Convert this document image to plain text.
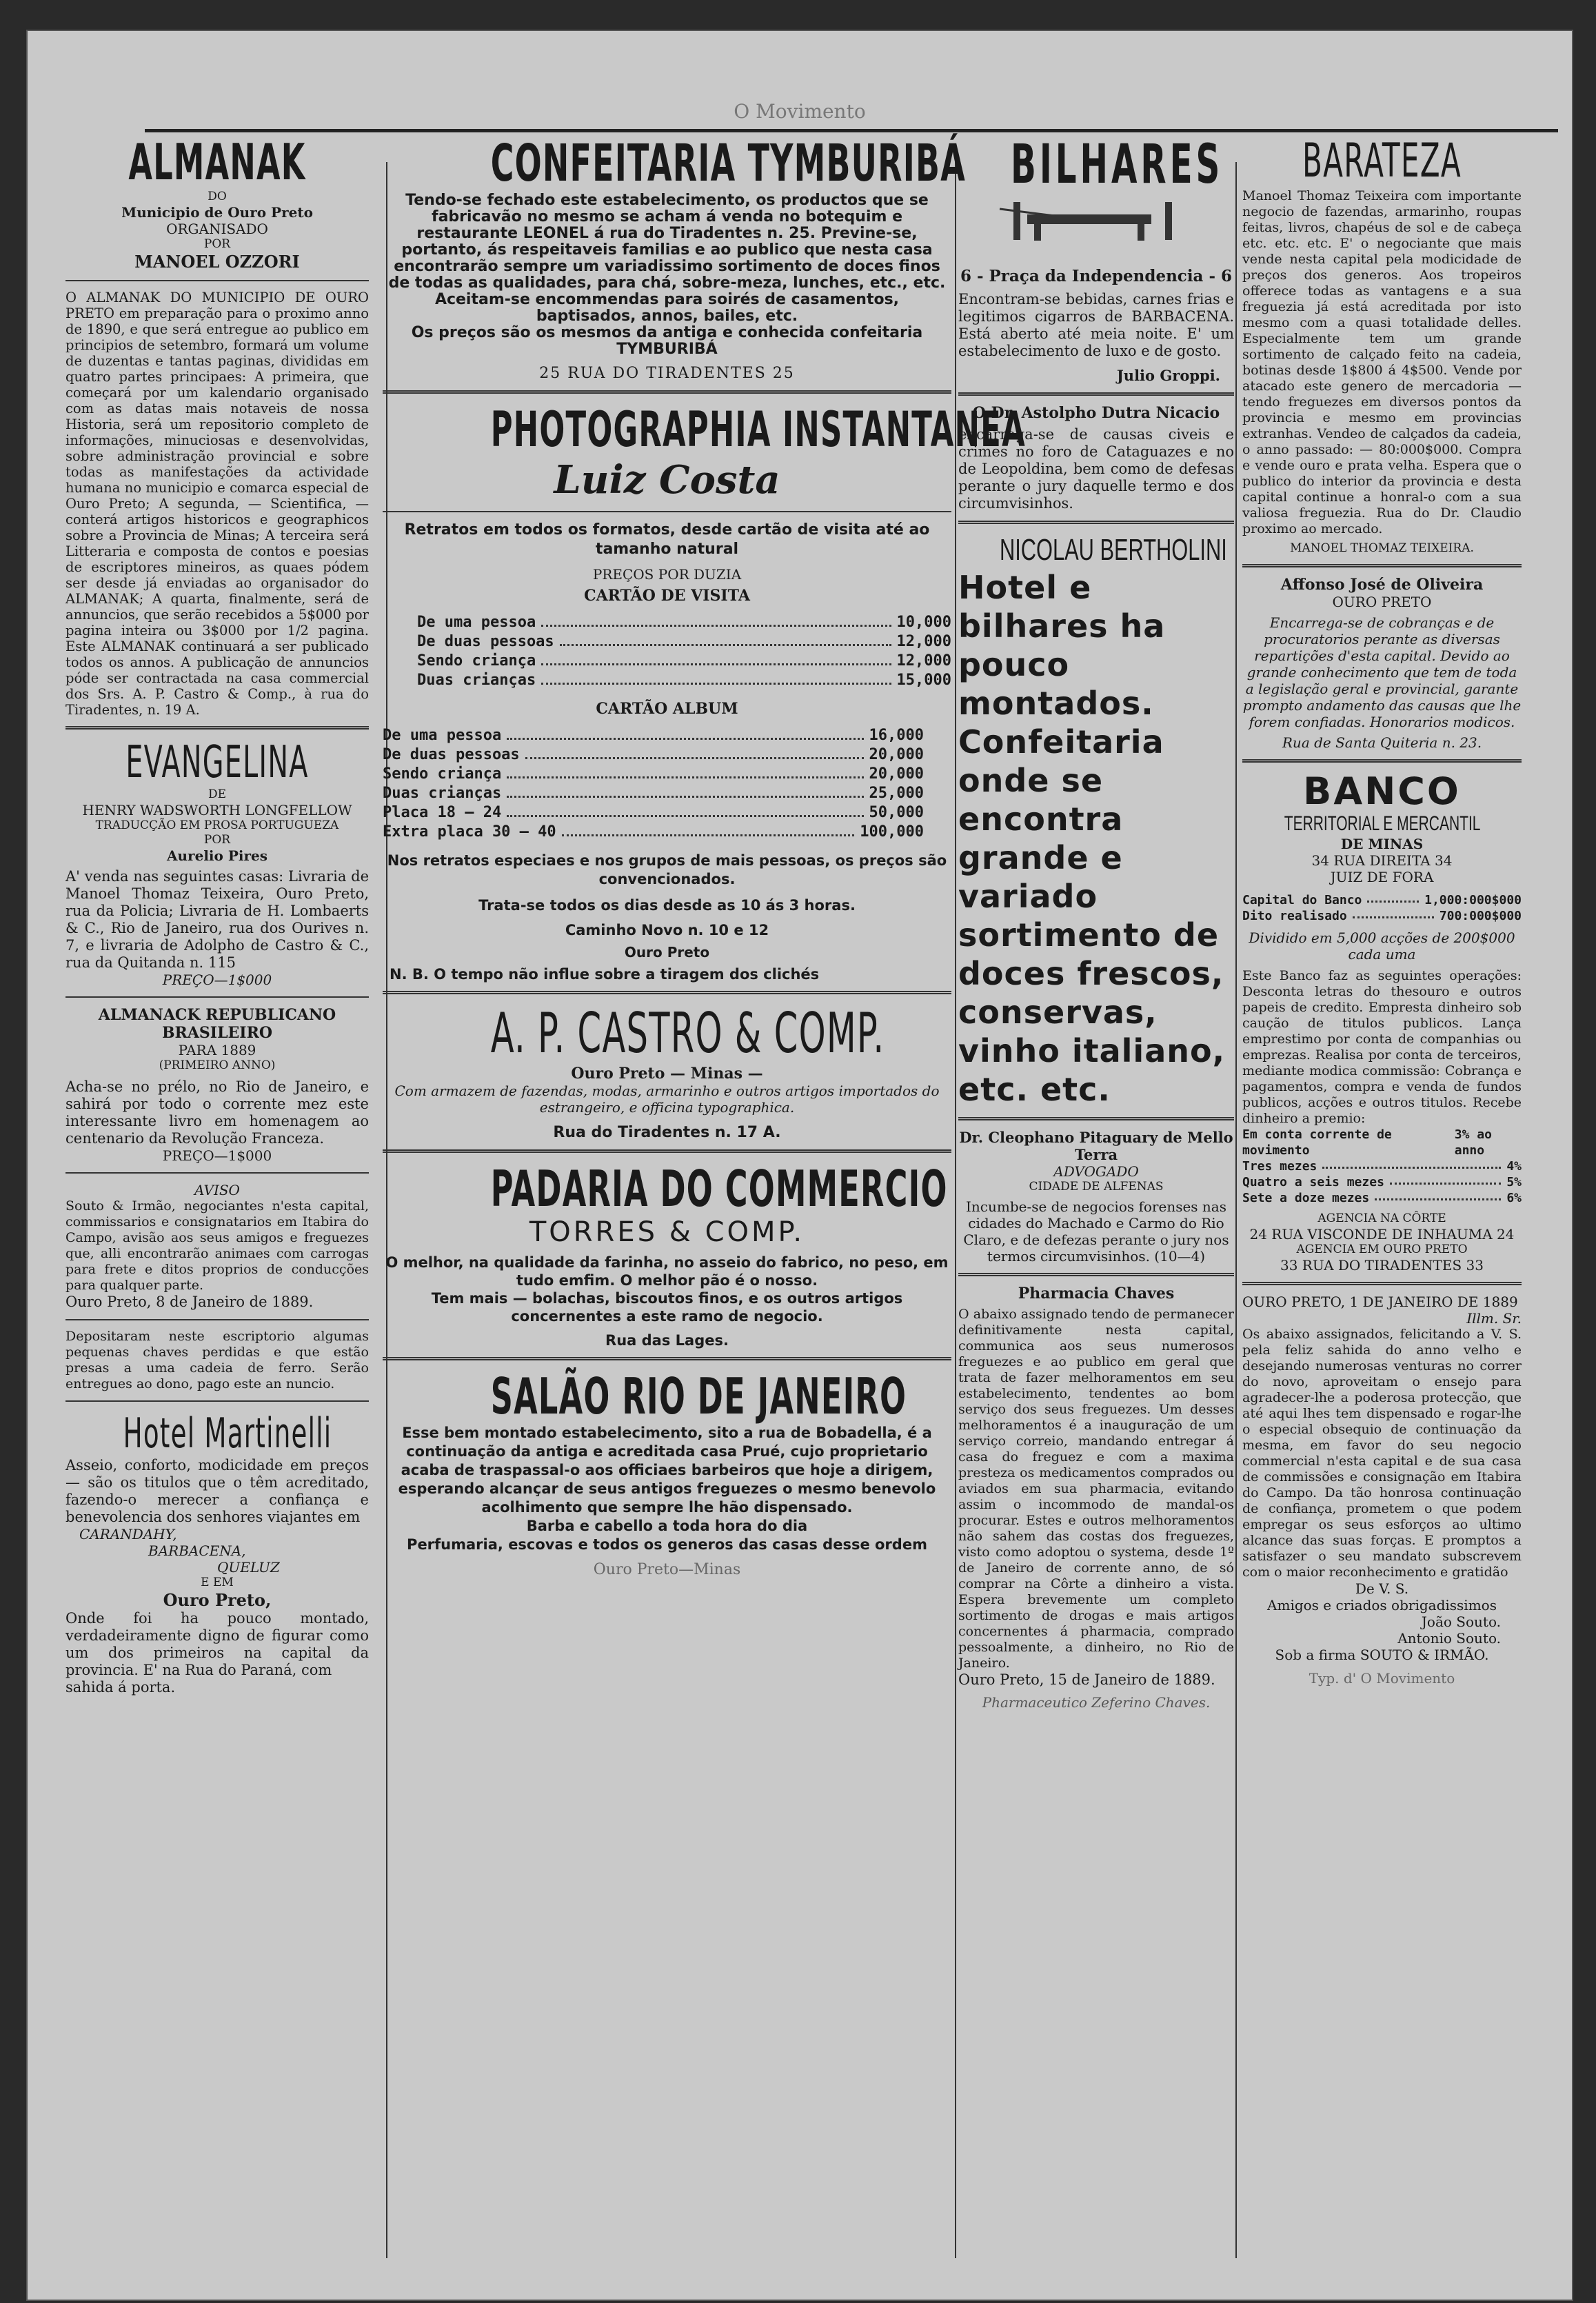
O Movimento
ALMANAK
DO
Municipio de Ouro Preto
ORGANISADO
POR
MANOEL OZZORI
O ALMANAK DO MUNICIPIO DE OURO PRETO em preparação para o proximo anno de 1890, e que será entregue ao publico em principios de setembro, formará um volume de duzentas e tantas paginas, divididas em quatro partes principaes: A primeira, que começará por um kalendario organisado com as datas mais notaveis de nossa Historia, será um repositorio completo de informações, minuciosas e desenvolvidas, sobre administração provincial e sobre todas as manifestações da actividade humana no municipio e comarca especial de Ouro Preto; A segunda, — Scientifica, — conterá artigos historicos e geographicos sobre a Provincia de Minas; A terceira será Litteraria e composta de contos e poesias de escriptores mineiros, as quaes pódem ser desde já enviadas ao organisador do ALMANAK; A quarta, finalmente, será de annuncios, que serão recebidos a 5$000 por pagina inteira ou 3$000 por 1/2 pagina. Este ALMANAK continuará a ser publicado todos os annos. A publicação de annuncios póde ser contractada na casa commercial dos Srs. A. P. Castro & Comp., à rua do Tiradentes, n. 19 A.
EVANGELINA
DE
HENRY WADSWORTH LONGFELLOW
TRADUCÇÃO EM PROSA PORTUGUEZA
POR
Aurelio Pires
A' venda nas seguintes casas: Livraria de Manoel Thomaz Teixeira, Ouro Preto, rua da Policia; Livraria de H. Lombaerts & C., Rio de Janeiro, rua dos Ourives n. 7, e livraria de Adolpho de Castro & C., rua da Quitanda n. 115
PREÇO—1$000
ALMANACK REPUBLICANO
BRASILEIRO
PARA 1889
(PRIMEIRO ANNO)
Acha-se no prélo, no Rio de Janeiro, e sahirá por todo o corrente mez este interessante livro em homenagem ao centenario da Revolução Franceza.
PREÇO—1$000
AVISO
Souto & Irmão, negociantes n'esta capital, commissarios e consignatarios em Itabira do Campo, avisão aos seus amigos e freguezes que, alli encontrarão animaes com carrogas para frete e ditos proprios de conducções para qualquer parte.
Ouro Preto, 8 de Janeiro de 1889.
Depositaram neste escriptorio algumas pequenas chaves perdidas e que estão presas a uma cadeia de ferro. Serão entregues ao dono, pago este an nuncio.
Hotel Martinelli
Asseio, conforto, modicidade em preços — são os titulos que o têm acreditado, fazendo-o merecer a confiança e benevolencia dos senhores viajantes em
CARANDAHY,
BARBACENA,
QUELUZ
E EM
Ouro Preto,
Onde foi ha pouco montado, verdadeiramente digno de figurar como um dos primeiros na capital da provincia. E' na Rua do Paraná, com
sahida á porta.
CONFEITARIA TYMBURIBÁ
Tendo-se fechado este estabelecimento, os productos que se fabricavão no mesmo se acham á venda no botequim e restaurante LEONEL á rua do Tiradentes n. 25. Previne-se, portanto, ás respeitaveis familias e ao publico que nesta casa encontrarão sempre um variadissimo sortimento de doces finos de todas as qualidades, para chá, sobre-meza, lunches, etc., etc.
Aceitam-se encommendas para soirés de casamentos, baptisados, annos, bailes, etc.
Os preços são os mesmos da antiga e conhecida confeitaria TYMBURIBÁ
25 RUA DO TIRADENTES 25
PHOTOGRAPHIA INSTANTANEA
Luiz Costa
Retratos em todos os formatos, desde cartão de visita até ao tamanho natural
PREÇOS POR DUZIA
CARTÃO DE VISITA
De uma pessoa	10,000
De duas pessoas	12,000
Sendo criança	12,000
Duas crianças	15,000
CARTÃO ALBUM
De uma pessoa	16,000
De duas pessoas	20,000
Sendo criança	20,000
Duas crianças	25,000
Placa 18 — 24	50,000
Extra placa 30 — 40	100,000
Nos retratos especiaes e nos grupos de mais pessoas, os preços são convencionados.
Trata-se todos os dias desde as 10 ás 3 horas.
Caminho Novo n. 10 e 12
Ouro Preto
N. B. O tempo não influe sobre a tiragem dos clichés
A. P. CASTRO & COMP.
Ouro Preto — Minas —
Com armazem de fazendas, modas, armarinho e outros artigos importados do estrangeiro, e officina typographica.
Rua do Tiradentes n. 17 A.
PADARIA DO COMMERCIO
TORRES & COMP.
O melhor, na qualidade da farinha, no asseio do fabrico, no peso, em tudo emfim. O melhor pão é o nosso.
Tem mais — bolachas, biscoutos finos, e os outros artigos concernentes a este ramo de negocio.
Rua das Lages.
SALÃO RIO DE JANEIRO
Esse bem montado estabelecimento, sito a rua de Bobadella, é a continuação da antiga e acreditada casa Prué, cujo proprietario acaba de traspassal-o aos officiaes barbeiros que hoje a dirigem, esperando alcançar de seus antigos freguezes o mesmo benevolo acolhimento que sempre lhe hão dispensado.
Barba e cabello a toda hora do dia
Perfumaria, escovas e todos os generos das casas desse ordem
Ouro Preto—Minas
BILHARES
6 - Praça da Independencia - 6
Encontram-se bebidas, carnes frias e legitimos cigarros de BARBACENA. Está aberto até meia noite. E' um estabelecimento de luxo e de gosto.
Julio Groppi.
O Dr. Astolpho Dutra Nicacio
encarrega-se de causas civeis e crimes no foro de Cataguazes e no de Leopoldina, bem como de defesas perante o jury daquelle termo e dos circumvisinhos.
NICOLAU BERTHOLINI
Hotel e bilhares ha pouco montados. Confeitaria onde se encontra grande e variado sortimento de doces frescos, conservas, vinho italiano, etc. etc.
Dr. Cleophano Pitaguary de Mello Terra
ADVOGADO
CIDADE DE ALFENAS
Incumbe-se de negocios forenses nas cidades do Machado e Carmo do Rio Claro, e de defezas perante o jury nos termos circumvisinhos. (10—4)
Pharmacia Chaves
O abaixo assignado tendo de permanecer definitivamente nesta capital, communica aos seus numerosos freguezes e ao publico em geral que trata de fazer melhoramentos em seu estabelecimento, tendentes ao bom serviço dos seus freguezes. Um desses melhoramentos é a inauguração de um serviço correio, mandando entregar á casa do freguez e com a maxima presteza os medicamentos comprados ou aviados em sua pharmacia, evitando assim o incommodo de mandal-os procurar. Estes e outros melhoramentos não sahem das costas dos freguezes, visto como adoptou o systema, desde 1º de Janeiro de corrente anno, de só comprar na Côrte a dinheiro a vista. Espera brevemente um completo sortimento de drogas e mais artigos concernentes á pharmacia, comprado pessoalmente, a dinheiro, no Rio de Janeiro.
Ouro Preto, 15 de Janeiro de 1889.
Pharmaceutico Zeferino Chaves.
BARATEZA
Manoel Thomaz Teixeira com importante negocio de fazendas, armarinho, roupas feitas, livros, chapéus de sol e de cabeça etc. etc. etc. E' o negociante que mais vende nesta capital pela modicidade de preços dos generos. Aos tropeiros offerece todas as vantagens e a sua freguezia já está acreditada por isto mesmo com a quasi totalidade delles. Especialmente tem um grande sortimento de calçado feito na cadeia, botinas desde 1$800 á 4$500. Vende por atacado este genero de mercadoria — tendo freguezes em diversos pontos da provincia e mesmo em provincias extranhas. Vendeo de calçados da cadeia, o anno passado: — 80:000$000. Compra e vende ouro e prata velha. Espera que o publico do interior da provincia e desta capital continue a honral-o com a sua valiosa freguezia. Rua do Dr. Claudio proximo ao mercado.
MANOEL THOMAZ TEIXEIRA.
Affonso José de Oliveira
OURO PRETO
Encarrega-se de cobranças e de procuratorios perante as diversas repartições d'esta capital. Devido ao grande conhecimento que tem de toda a legislação geral e provincial, garante prompto andamento das causas que lhe forem confiadas. Honorarios modicos.
Rua de Santa Quiteria n. 23.
BANCO
TERRITORIAL E MERCANTIL
DE MINAS
34 RUA DIREITA 34
JUIZ DE FORA
Capital do Banco	1,000:000$000
Dito realisado	700:000$000
Dividido em 5,000 acções de 200$000 cada uma
Este Banco faz as seguintes operações: Desconta letras do thesouro e outros papeis de credito. Empresta dinheiro sob caução de titulos publicos. Lança emprestimo por conta de companhias ou emprezas. Realisa por conta de terceiros, mediante modica commissão: Cobrança e pagamentos, compra e venda de fundos publicos, acções e outros titulos. Recebe dinheiro a premio:
Em conta corrente de movimento
3% ao anno
Tres mezes	4%
Quatro a seis mezes	5%
Sete a doze mezes	6%
AGENCIA NA CÔRTE
24 RUA VISCONDE DE INHAUMA 24
AGENCIA EM OURO PRETO
33 RUA DO TIRADENTES 33
OURO PRETO, 1 DE JANEIRO DE 1889
Illm. Sr.
Os abaixo assignados, felicitando a V. S. pela feliz sahida do anno velho e desejando numerosas venturas no correr do novo, aproveitam o ensejo para agradecer-lhe a poderosa protecção, que até aqui lhes tem dispensado e rogar-lhe o especial obsequio de continuação da mesma, em favor do seu negocio commercial n'esta capital e de sua casa de commissões e consignação em Itabira do Campo. Da tão honrosa continuação de confiança, prometem o que podem empregar os seus esforços ao ultimo alcance das suas forças. E promptos a satisfazer o seu mandato subscrevem com o maior reconhecimento e gratidão
De V. S.
Amigos e criados obrigadissimos
João Souto.
Antonio Souto.
Sob a firma SOUTO & IRMÃO.
Typ. d' O Movimento
